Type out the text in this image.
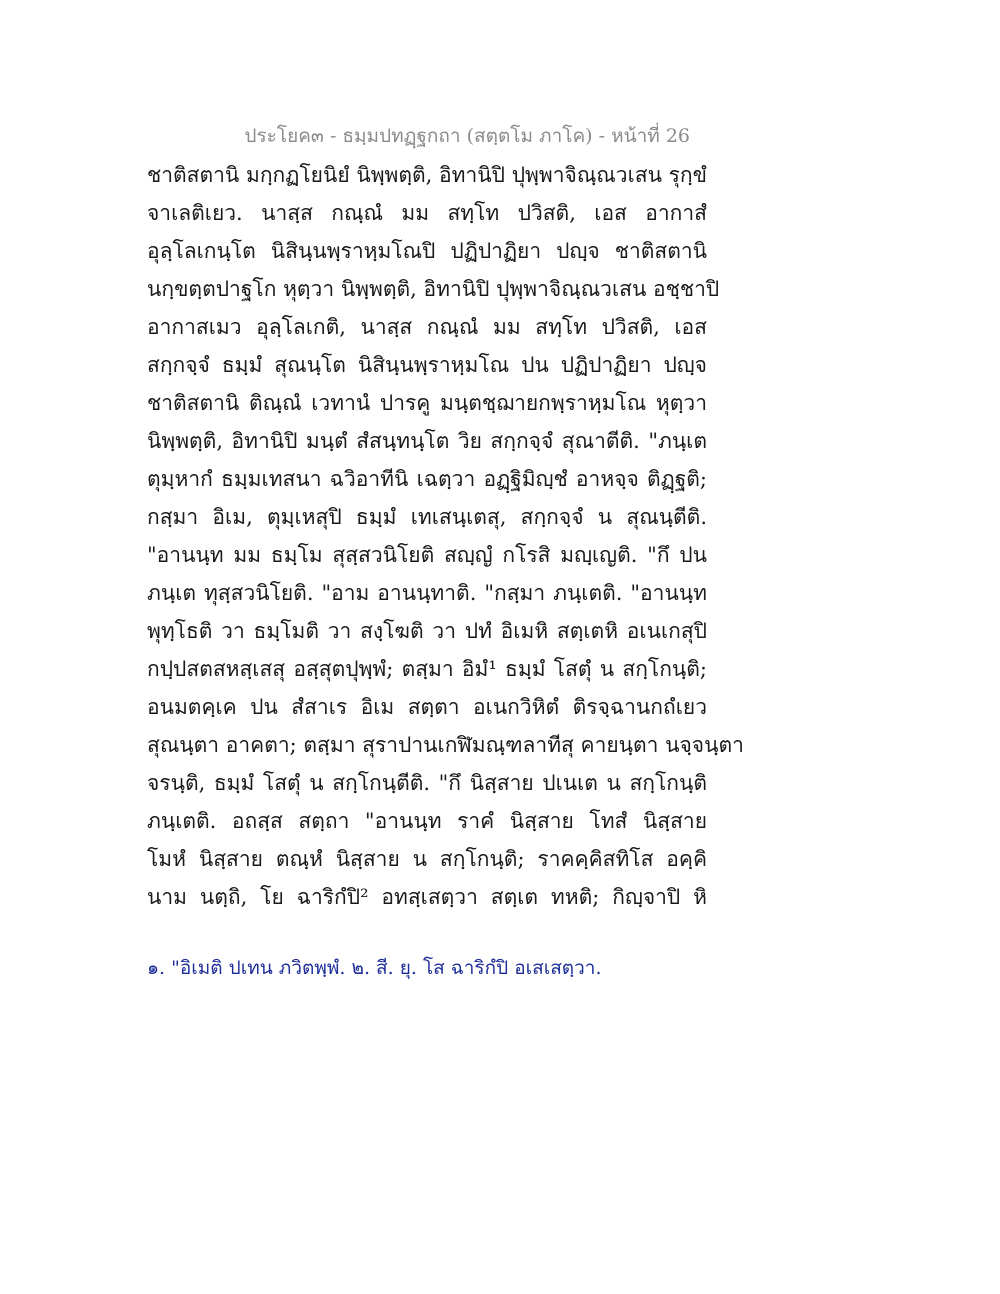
ประโยค๓ - ธมฺมปทฏฺฐกถา (สตฺตโม ภาโค) - หน้าที่ 26
ชาติสตานิ มกฺกฏโยนิยํ นิพฺพตฺติ, อิทานิปิ ปุพฺพาจิณฺณวเสน รุกฺขํ
จาเลติเยว. นาสฺส กณฺณํ มม สทฺโท ปวิสติ, เอส อากาสํ
อุลฺโลเกนฺโต นิสินฺนพฺราหฺมโณปิ ปฏิปาฏิยา ปญฺจ ชาติสตานิ
นกฺขตฺตปาฐโก หุตฺวา นิพฺพตฺติ, อิทานิปิ ปุพฺพาจิณฺณวเสน อชฺชาปิ
อากาสเมว อุลฺโลเกติ, นาสฺส กณฺณํ มม สทฺโท ปวิสติ, เอส
สกฺกจฺจํ ธมฺมํ สุณนฺโต นิสินฺนพฺราหฺมโณ ปน ปฏิปาฏิยา ปญฺจ
ชาติสตานิ ติณฺณํ เวทานํ ปารคู มนฺตชฺฌายกพฺราหฺมโณ หุตฺวา
นิพฺพตฺติ, อิทานิปิ มนฺตํ สํสนฺทนฺโต วิย สกฺกจฺจํ สุณาตีติ. "ภนฺเต
ตุมฺหากํ ธมฺมเทสนา ฉวิอาทีนิ เฉตฺวา อฏฺฐิมิญฺชํ อาหจฺจ ติฏฺฐติ;
กสฺมา อิเม, ตุมฺเหสุปิ ธมฺมํ เทเสนฺเตสุ, สกฺกจฺจํ น สุณนฺตีติ.
"อานนฺท มม ธมฺโม สุสฺสวนิโยติ สญฺญํ กโรสิ มญฺเญติ. "กึ ปน
ภนฺเต ทุสฺสวนิโยติ. "อาม อานนฺทาติ. "กสฺมา ภนฺเตติ. "อานนฺท
พุทฺโธติ วา ธมฺโมติ วา สงฺโฆติ วา ปทํ อิเมหิ สตฺเตหิ อเนเกสุปิ
กปฺปสตสหสฺเสสุ อสฺสุตปุพฺพํ; ตสฺมา อิมํ¹ ธมฺมํ โสตุํ น สกฺโกนฺติ;
อนมตคฺเค ปน สํสาเร อิเม สตฺตา อเนกวิหิตํ ติรจฺฉานกถํเยว
สุณนฺตา อาคตา; ตสฺมา สุราปานเกฬิมณฺฑลาทีสุ คายนฺตา นจฺจนฺตา
จรนฺติ, ธมฺมํ โสตุํ น สกฺโกนฺตีติ. "กึ นิสฺสาย ปเนเต น สกฺโกนฺติ
ภนฺเตติ. อถสฺส สตฺถา "อานนฺท ราคํ นิสฺสาย โทสํ นิสฺสาย
โมหํ นิสฺสาย ตณฺหํ นิสฺสาย น สกฺโกนฺติ; ราคคฺคิสทิโส อคฺคิ
นาม นตฺถิ, โย ฉาริกํปิ² อทสฺเสตฺวา สตฺเต ทหติ; กิญฺจาปิ หิ
๑. "อิเมติ ปเทน ภวิตพฺพํ. ๒. สี. ยุ. โส ฉาริกํปิ อเสเสตฺวา.
